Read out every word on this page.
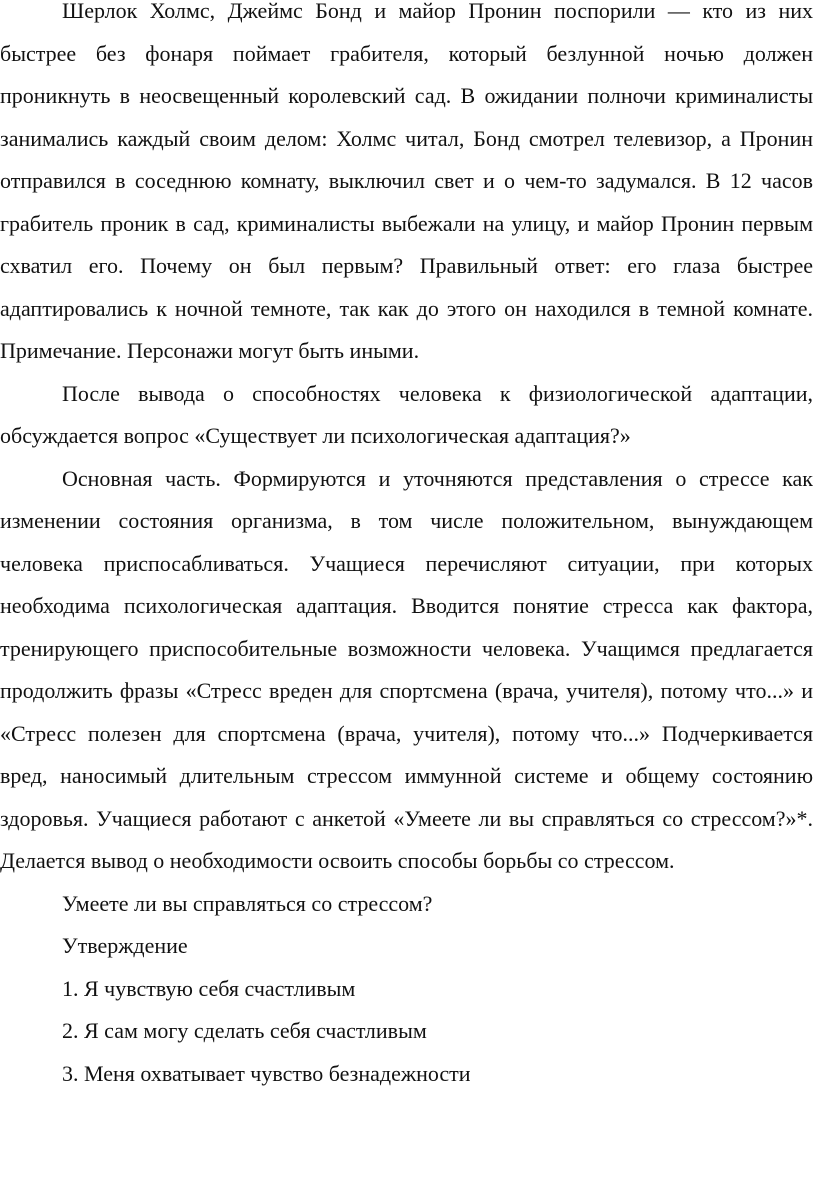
Шерлок Холмс, Джеймс Бонд и майор Пронин поспорили — кто из них быстрее без фонаря поймает грабителя, который безлунной ночью должен проникнуть в неосвещенный королевский сад. В ожидании полночи криминалисты занимались каждый своим делом: Холмс читал, Бонд смотрел телевизор, а Пронин отправился в соседнюю комнату, выключил свет и о чем-то задумался. В 12 часов грабитель проник в сад, криминалисты выбежали на улицу, и майор Пронин первым схватил его. Почему он был первым? Правильный ответ: его глаза быстрее адаптировались к ночной темноте, так как до этого он находился в темной комнате. Примечание. Персонажи могут быть иными.

После вывода о способностях человека к физиологической адаптации, обсуждается вопрос «Существует ли психологическая адаптация?»

Основная часть. Формируются и уточняются представления о стрессе как изменении состояния организма, в том числе положительном, вынуждающем человека приспосабливаться. Учащиеся перечисляют ситуации, при которых необходима психологическая адаптация. Вводится понятие стресса как фактора, тренирующего приспособительные возможности человека. Учащимся предлагается продолжить фразы «Стресс вреден для спортсмена (врача, учителя), потому что...» и «Стресс полезен для спортсмена (врача, учителя), потому что...» Подчеркивается вред, наносимый длительным стрессом иммунной системе и общему состоянию здоровья. Учащиеся работают с анкетой «Умеете ли вы справляться со стрессом?»*. Делается вывод о необходимости освоить способы борьбы со стрессом.

Умеете ли вы справляться со стрессом?

Утверждение

1. Я чувствую себя счастливым

2. Я сам могу сделать себя счастливым

3. Меня охватывает чувство безнадежности
